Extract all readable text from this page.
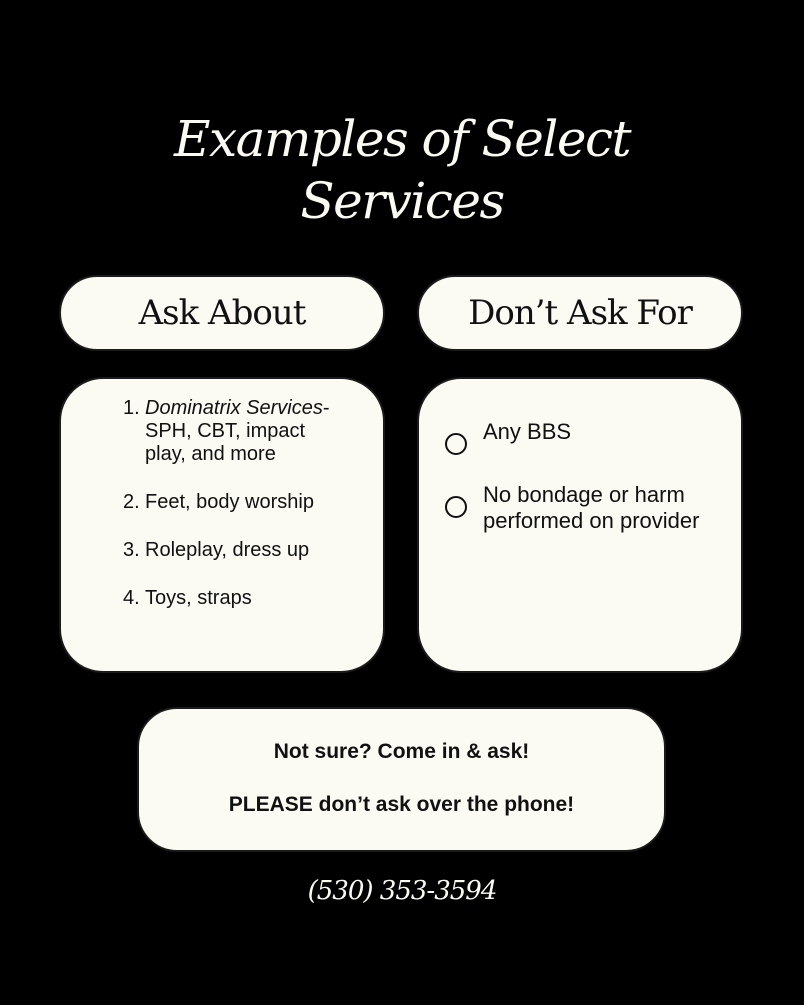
Examples of Select
Services
Ask About	Don’t Ask For
1. Dominatrix Services- SPH, CBT, impact play, and more
2. Feet, body worship
3. Roleplay, dress up
4. Toys, straps
Any BBS
No bondage or harm performed on provider
Not sure? Come in & ask!
PLEASE don’t ask over the phone!
(530) 353-3594
